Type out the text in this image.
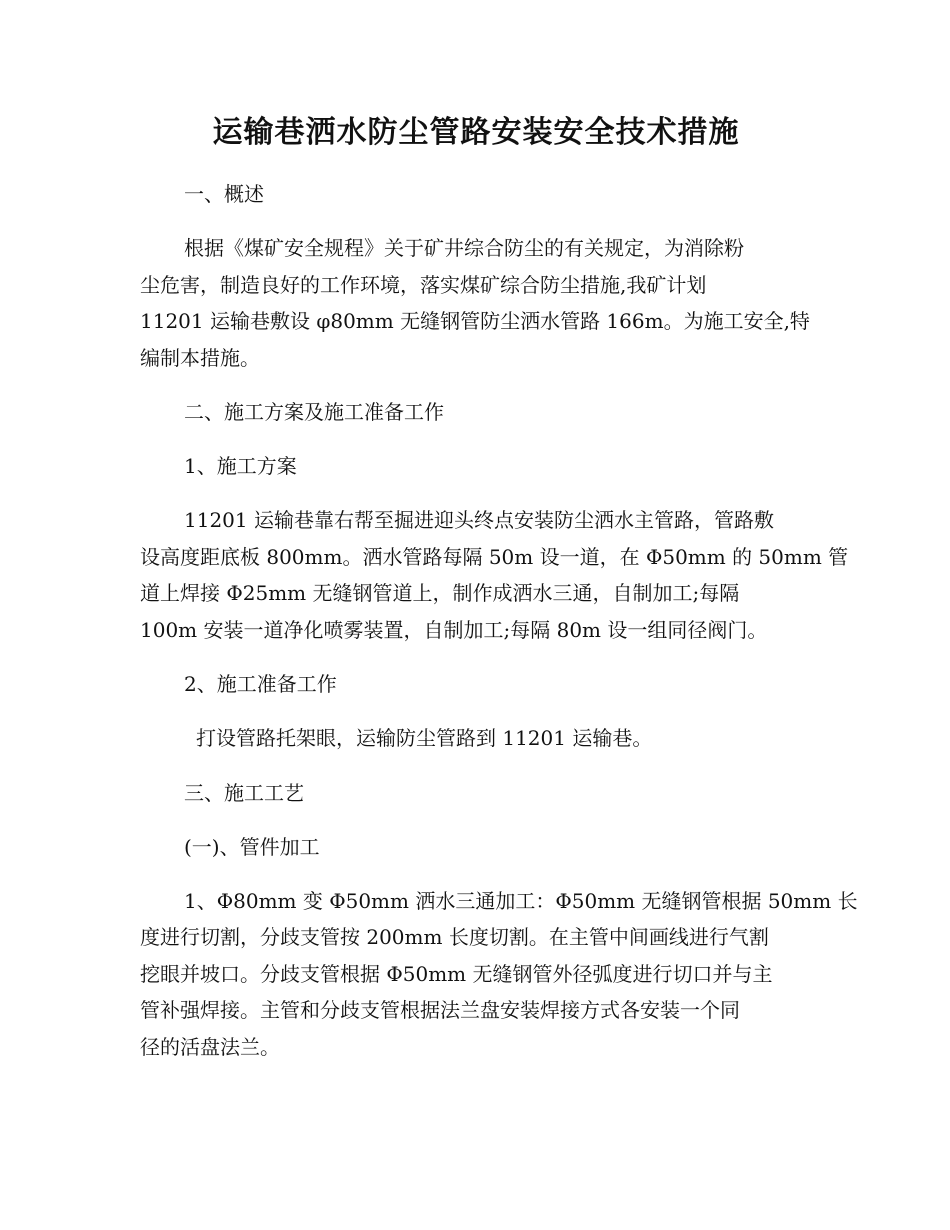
运输巷洒水防尘管路安装安全技术措施
一、概述
根据《煤矿安全规程》关于矿井综合防尘的有关规定，为消除粉
尘危害，制造良好的工作环境，落实煤矿综合防尘措施,我矿计划
11201 运输巷敷设 φ80mm 无缝钢管防尘洒水管路 166m。为施工安全,特
编制本措施。
二、施工方案及施工准备工作
1、施工方案
11201 运输巷靠右帮至掘进迎头终点安装防尘洒水主管路，管路敷
设高度距底板 800mm。洒水管路每隔 50m 设一道，在 Φ50mm 的 50mm 管
道上焊接 Φ25mm 无缝钢管道上，制作成洒水三通，自制加工;每隔
100m 安装一道净化喷雾装置，自制加工;每隔 80m 设一组同径阀门。
2、施工准备工作
打设管路托架眼，运输防尘管路到 11201 运输巷。
三、施工工艺
(一)、管件加工
1、Φ80mm 变 Φ50mm 洒水三通加工：Φ50mm 无缝钢管根据 50mm 长
度进行切割，分歧支管按 200mm 长度切割。在主管中间画线进行气割
挖眼并坡口。分歧支管根据 Φ50mm 无缝钢管外径弧度进行切口并与主
管补强焊接。主管和分歧支管根据法兰盘安装焊接方式各安装一个同
径的活盘法兰。
